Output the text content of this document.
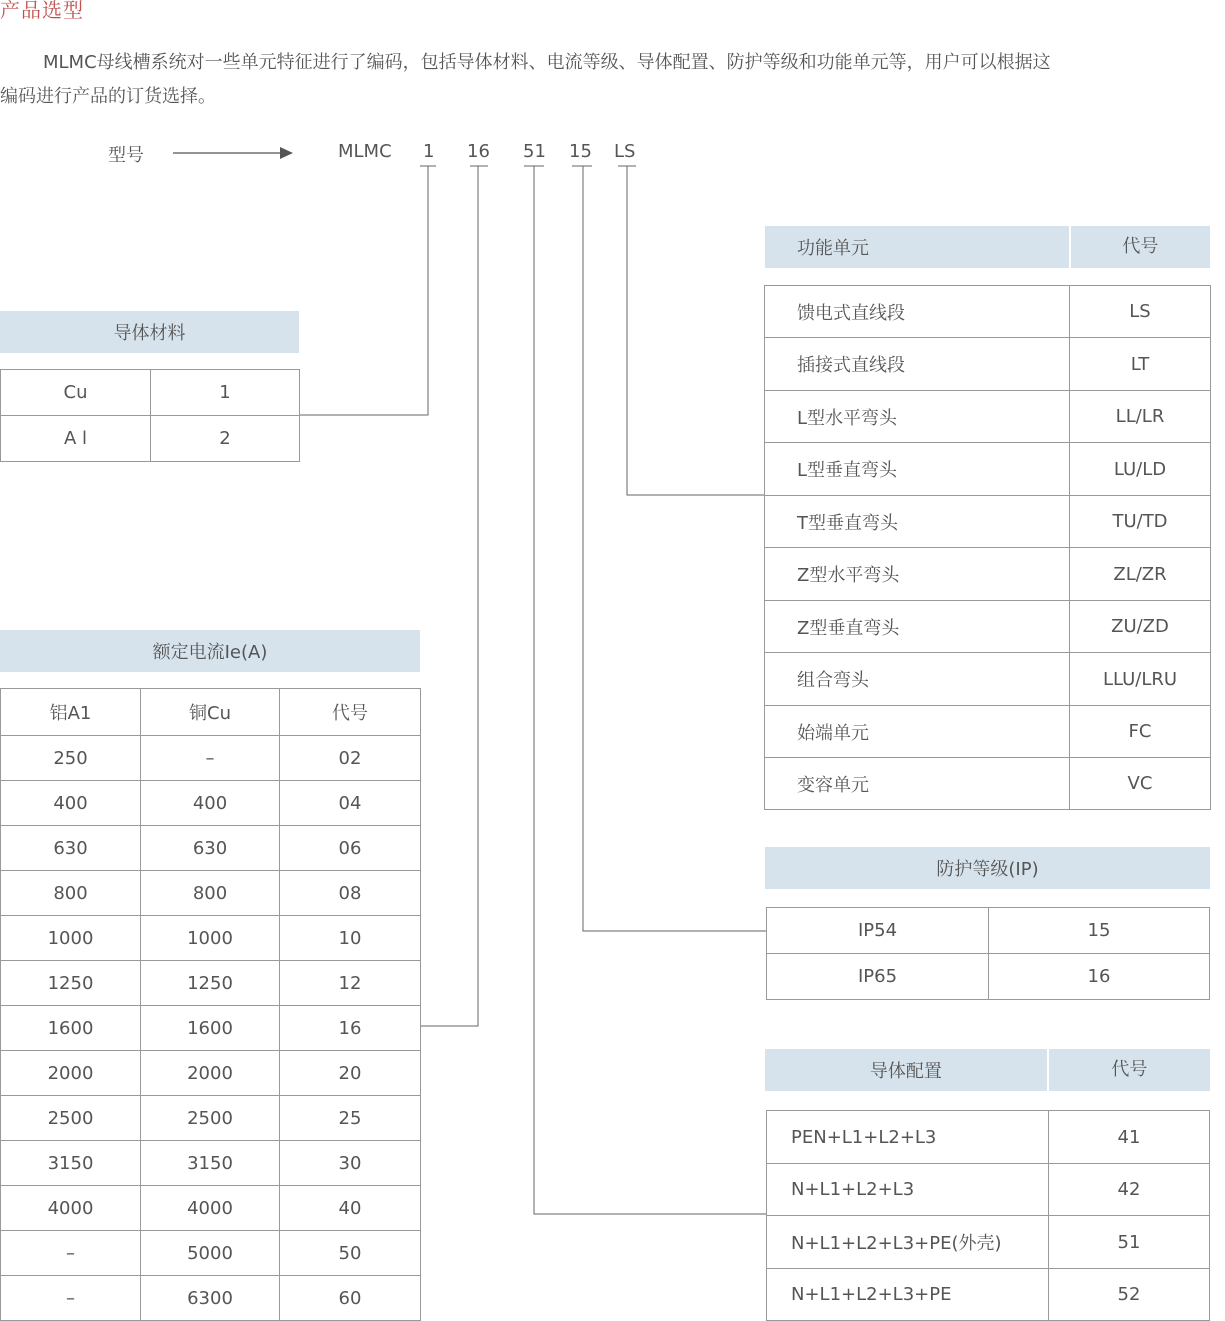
产品选型
MLMC母线槽系统对一些单元特征进行了编码，包括导体材料、电流等级、导体配置、防护等级和功能单元等，用户可以根据这
编码进行产品的订货选择。
型号	MLMC 1 16 51 15 LS
导体材料
Cu	1
A l	2
额定电流Ie(A)
铝A1	铜Cu	代号
250	–	02
400	400	04
630	630	06
800	800	08
1000	1000	10
1250	1250	12
1600	1600	16
2000	2000	20
2500	2500	25
3150	3150	30
4000	4000	40
–	5000	50
–	6300	60
功能单元	代号
馈电式直线段	LS
插接式直线段	LT
L型水平弯头	LL/LR
L型垂直弯头	LU/LD
T型垂直弯头	TU/TD
Z型水平弯头	ZL/ZR
Z型垂直弯头	ZU/ZD
组合弯头	LLU/LRU
始端单元	FC
变容单元	VC
防护等级(IP)
IP54	15
IP65	16
导体配置	代号
PEN+L1+L2+L3	41
N+L1+L2+L3	42
N+L1+L2+L3+PE(外壳)	51
N+L1+L2+L3+PE	52
